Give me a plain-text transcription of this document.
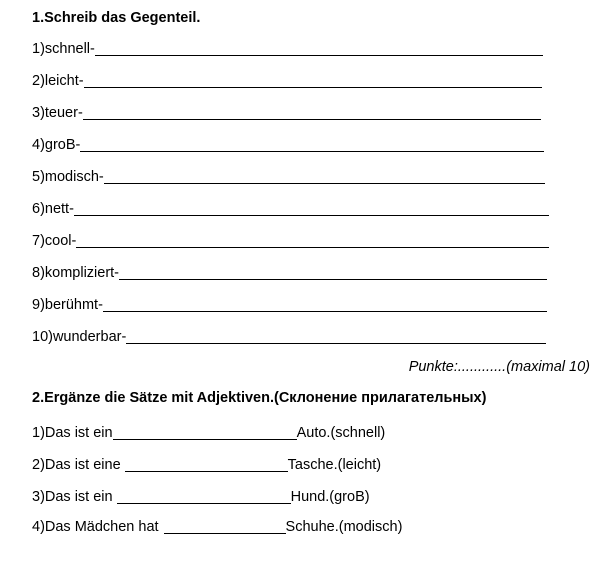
1.Schreib das Gegenteil.
1)schnell-
2)leicht-
3)teuer-
4)groB-
5)modisch-
6)nett-
7)cool-
8)kompliziert-
9)berühmt-
10)wunderbar-
Punkte:............(maximal 10)
2.Ergänze die Sätze mit Adjektiven.(Склонение прилагательных)
1)Das ist ein	Auto.(schnell)
2)Das ist eine	Tasche.(leicht)
3)Das ist ein	Hund.(groB)
4)Das Mädchen hat	Schuhe.(modisch)
